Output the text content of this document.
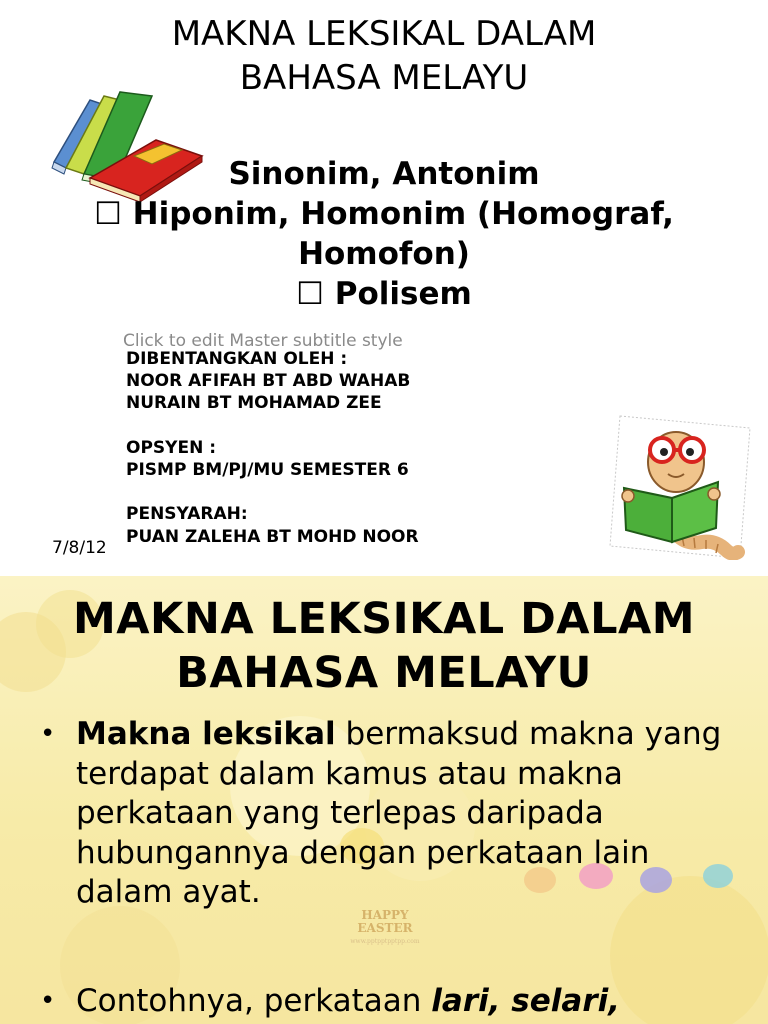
MAKNA LEKSIKAL DALAM
BAHASA MELAYU
Sinonim, Antonim
☐ Hiponim, Homonim (Homograf,
Homofon)
☐ Polisem
Click to edit Master subtitle style
DIBENTANGKAN OLEH :
NOOR AFIFAH BT ABD WAHAB
NURAIN BT MOHAMAD ZEE
OPSYEN :
PISMP BM/PJ/MU SEMESTER 6
PENSYARAH:
PUAN ZALEHA BT MOHD NOOR
7/8/12
HAPPY
EASTER
www.pptpptpptpp.com
MAKNA LEKSIKAL DALAM
BAHASA MELAYU
• Makna leksikal bermaksud makna yang terdapat dalam kamus atau makna perkataan yang terlepas daripada hubungannya dengan perkataan lain dalam ayat.
• Contohnya, perkataan lari, selari,
